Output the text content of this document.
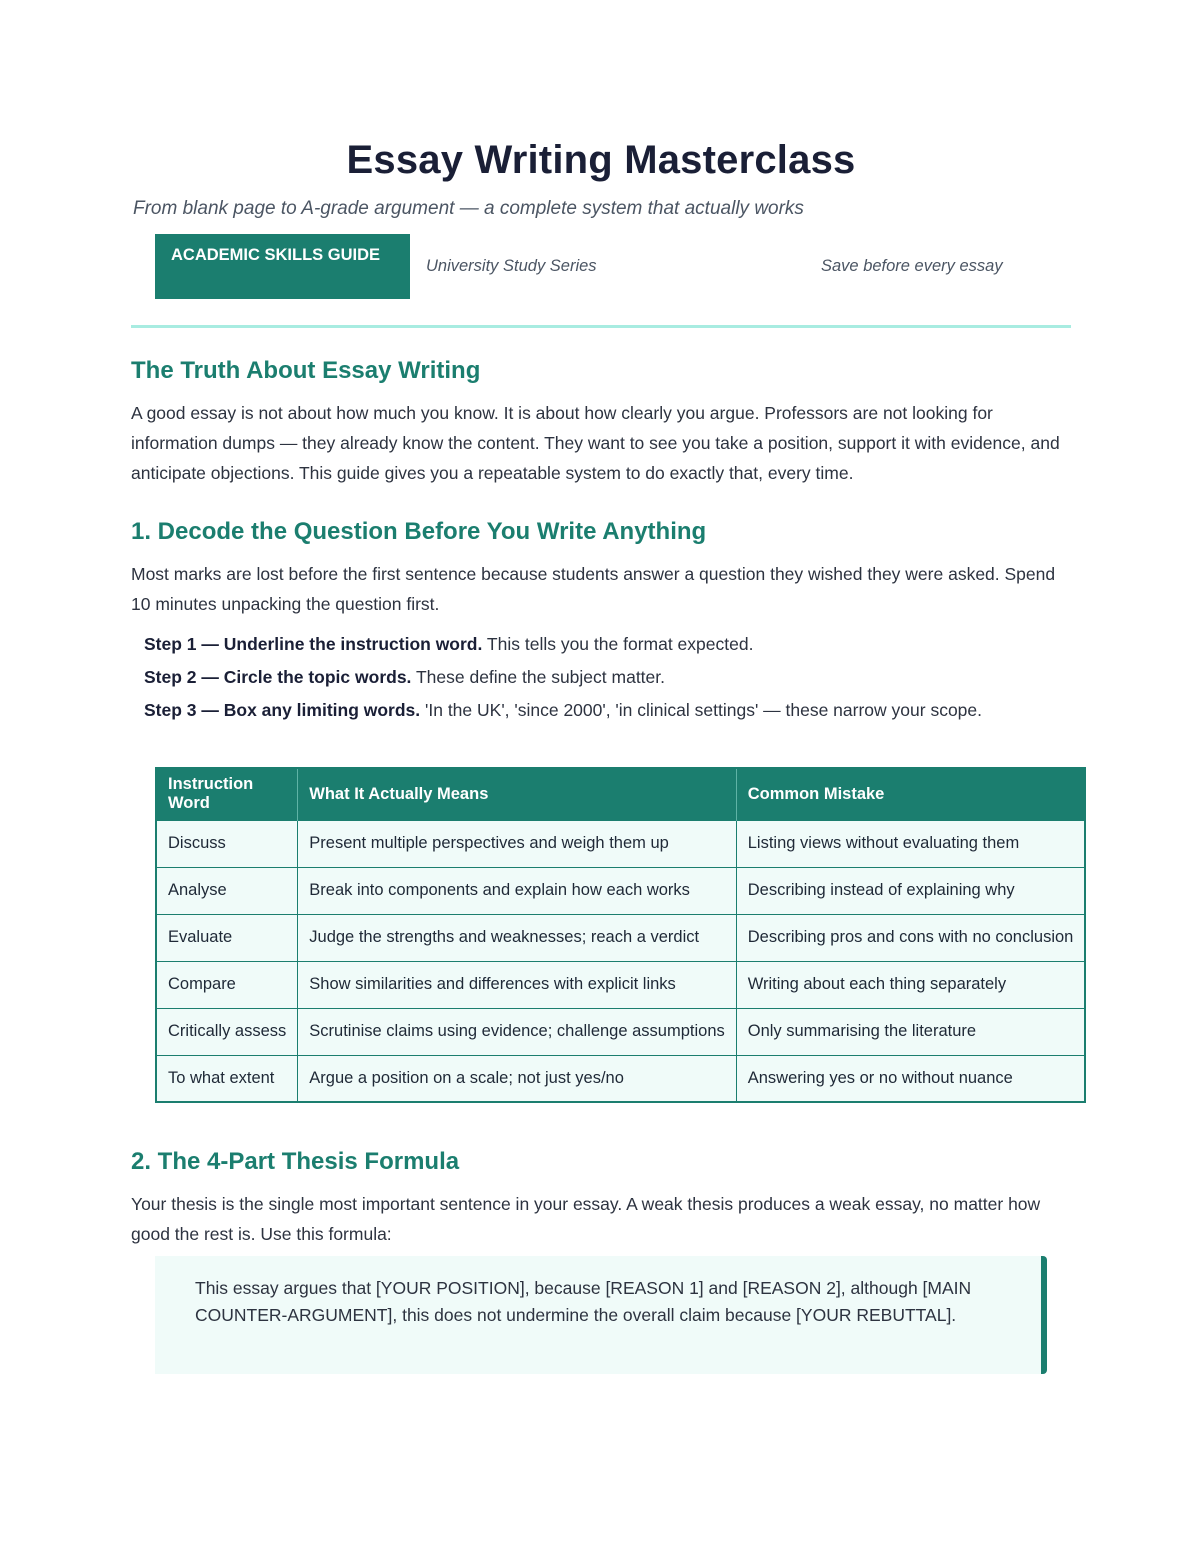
Essay Writing Masterclass
From blank page to A-grade argument — a complete system that actually works
ACADEMIC SKILLS GUIDE
University Study Series	Save before every essay
The Truth About Essay Writing

A good essay is not about how much you know. It is about how clearly you argue. Professors are not looking for information dumps — they already know the content. They want to see you take a position, support it with evidence, and anticipate objections. This guide gives you a repeatable system to do exactly that, every time.

1. Decode the Question Before You Write Anything

Most marks are lost before the first sentence because students answer a question they wished they were asked. Spend 10 minutes unpacking the question first.

Step 1 — Underline the instruction word. This tells you the format expected.
Step 2 — Circle the topic words. These define the subject matter.
Step 3 — Box any limiting words. 'In the UK', 'since 2000', 'in clinical settings' — these narrow your scope.
Instruction Word	What It Actually Means	Common Mistake
Discuss	Present multiple perspectives and weigh them up	Listing views without evaluating them
Analyse	Break into components and explain how each works	Describing instead of explaining why
Evaluate	Judge the strengths and weaknesses; reach a verdict	Describing pros and cons with no conclusion
Compare	Show similarities and differences with explicit links	Writing about each thing separately
Critically assess	Scrutinise claims using evidence; challenge assumptions	Only summarising the literature
To what extent	Argue a position on a scale; not just yes/no	Answering yes or no without nuance
2. The 4-Part Thesis Formula

Your thesis is the single most important sentence in your essay. A weak thesis produces a weak essay, no matter how good the rest is. Use this formula:

This essay argues that [YOUR POSITION], because [REASON 1] and [REASON 2], although [MAIN COUNTER-ARGUMENT], this does not undermine the overall claim because [YOUR REBUTTAL].
